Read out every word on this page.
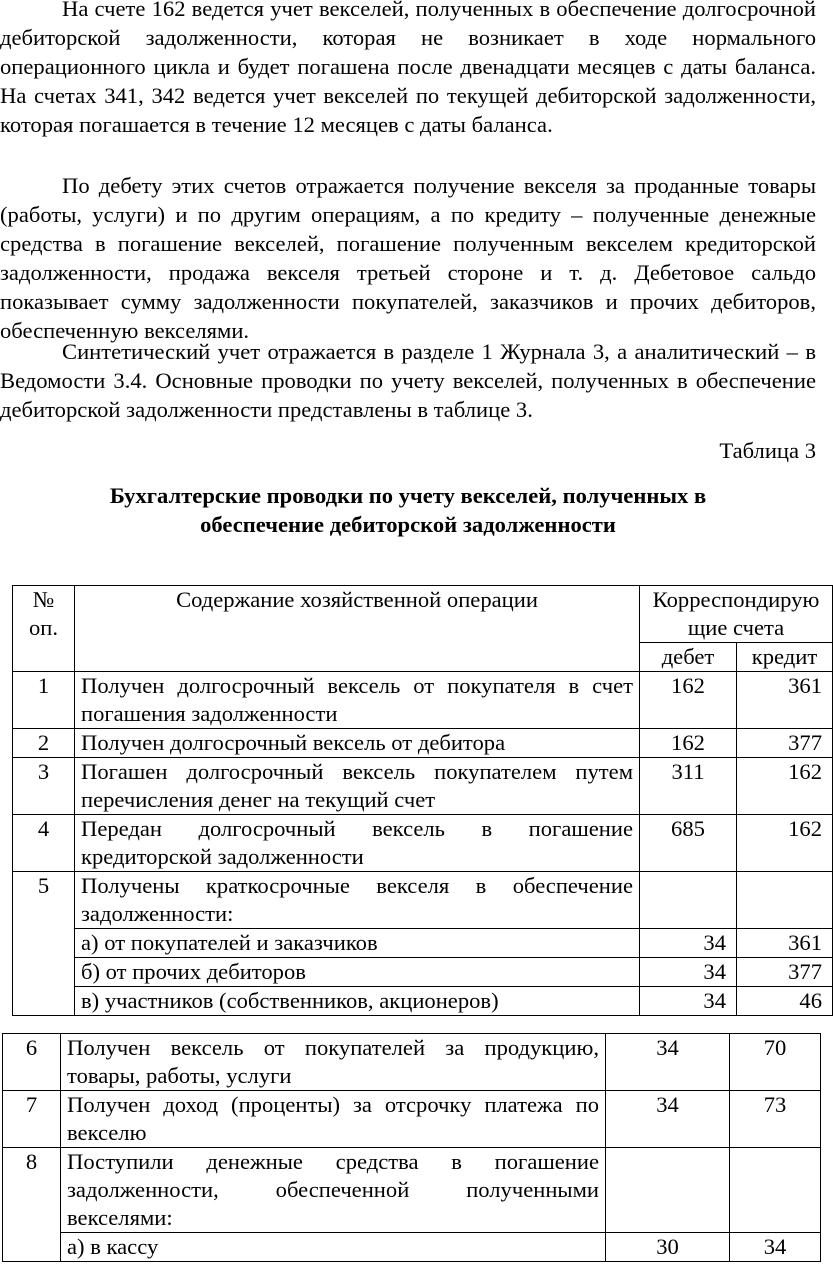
На счете 162 ведется учет векселей, полученных в обеспечение долгосрочной дебиторской задолженности, которая не возникает в ходе нормального операционного цикла и будет погашена после двенадцати месяцев с даты баланса. На счетах 341, 342 ведется учет векселей по текущей дебиторской задолженности, которая погашается в течение 12 месяцев с даты баланса.

По дебету этих счетов отражается получение векселя за проданные товары (работы, услуги) и по другим операциям, а по кредиту – полученные денежные средства в погашение векселей, погашение полученным векселем кредиторской задолженности, продажа векселя третьей стороне и т. д. Дебетовое сальдо показывает сумму задолженности покупателей, заказчиков и прочих дебиторов, обеспеченную векселями.

Синтетический учет отражается в разделе 1 Журнала 3, а аналитический – в Ведомости 3.4. Основные проводки по учету векселей, полученных в обеспечение дебиторской задолженности представлены в таблице 3.

Таблица 3
Бухгалтерские проводки по учету векселей, полученных в
обеспечение дебиторской задолженности
№ оп.	Содержание хозяйственной операции	Корреспондирующие счета	
		дебет	кредит
1	Получен долгосрочный вексель от покупателя в счет погашения задолженности	162	361
2	Получен долгосрочный вексель от дебитора	162	377
3	Погашен долгосрочный вексель покупателем путем перечисления денег на текущий счет	311	162
4	Передан долгосрочный вексель в погашение кредиторской задолженности	685	162
5	Получены краткосрочные векселя в обеспечение задолженности:		
	а) от покупателей и заказчиков	34	361
	б) от прочих дебиторов	34	377
	в) участников (собственников, акционеров)	34	46
6	Получен вексель от покупателей за продукцию, товары, работы, услуги	34	70
7	Получен доход (проценты) за отсрочку платежа по векселю	34	73
8	Поступили денежные средства в погашение задолженности, обеспеченной полученными векселями:		
	а) в кассу	30	34
